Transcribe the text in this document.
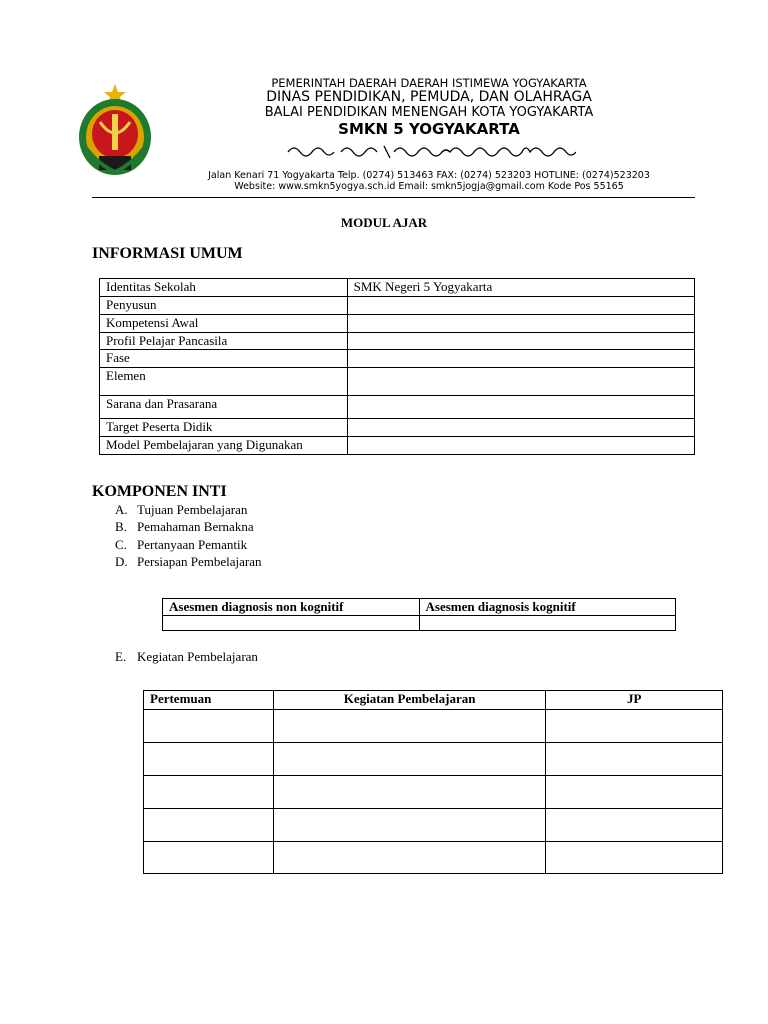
PEMERINTAH DAERAH DAERAH ISTIMEWA YOGYAKARTA
DINAS PENDIDIKAN, PEMUDA, DAN OLAHRAGA
BALAI PENDIDIKAN MENENGAH KOTA YOGYAKARTA
SMKN 5 YOGYAKARTA
Jalan Kenari 71 Yogyakarta Telp. (0274) 513463 FAX: (0274) 523203 HOTLINE: (0274)523203
Website: www.smkn5yogya.sch.id Email: smkn5jogja@gmail.com Kode Pos 55165
MODUL AJAR
INFORMASI UMUM
Identitas Sekolah	SMK Negeri 5 Yogyakarta
Penyusun	
Kompetensi Awal	
Profil Pelajar Pancasila	
Fase	
Elemen	
Sarana dan Prasarana	
Target Peserta Didik	
Model Pembelajaran yang Digunakan	
KOMPONEN INTI
A. Tujuan Pembelajaran
B. Pemahaman Bernakna
C. Pertanyaan Pemantik
D. Persiapan Pembelajaran
Asesmen diagnosis non kognitif	Asesmen diagnosis kognitif

E. Kegiatan Pembelajaran
Pertemuan	Kegiatan Pembelajaran	JP
